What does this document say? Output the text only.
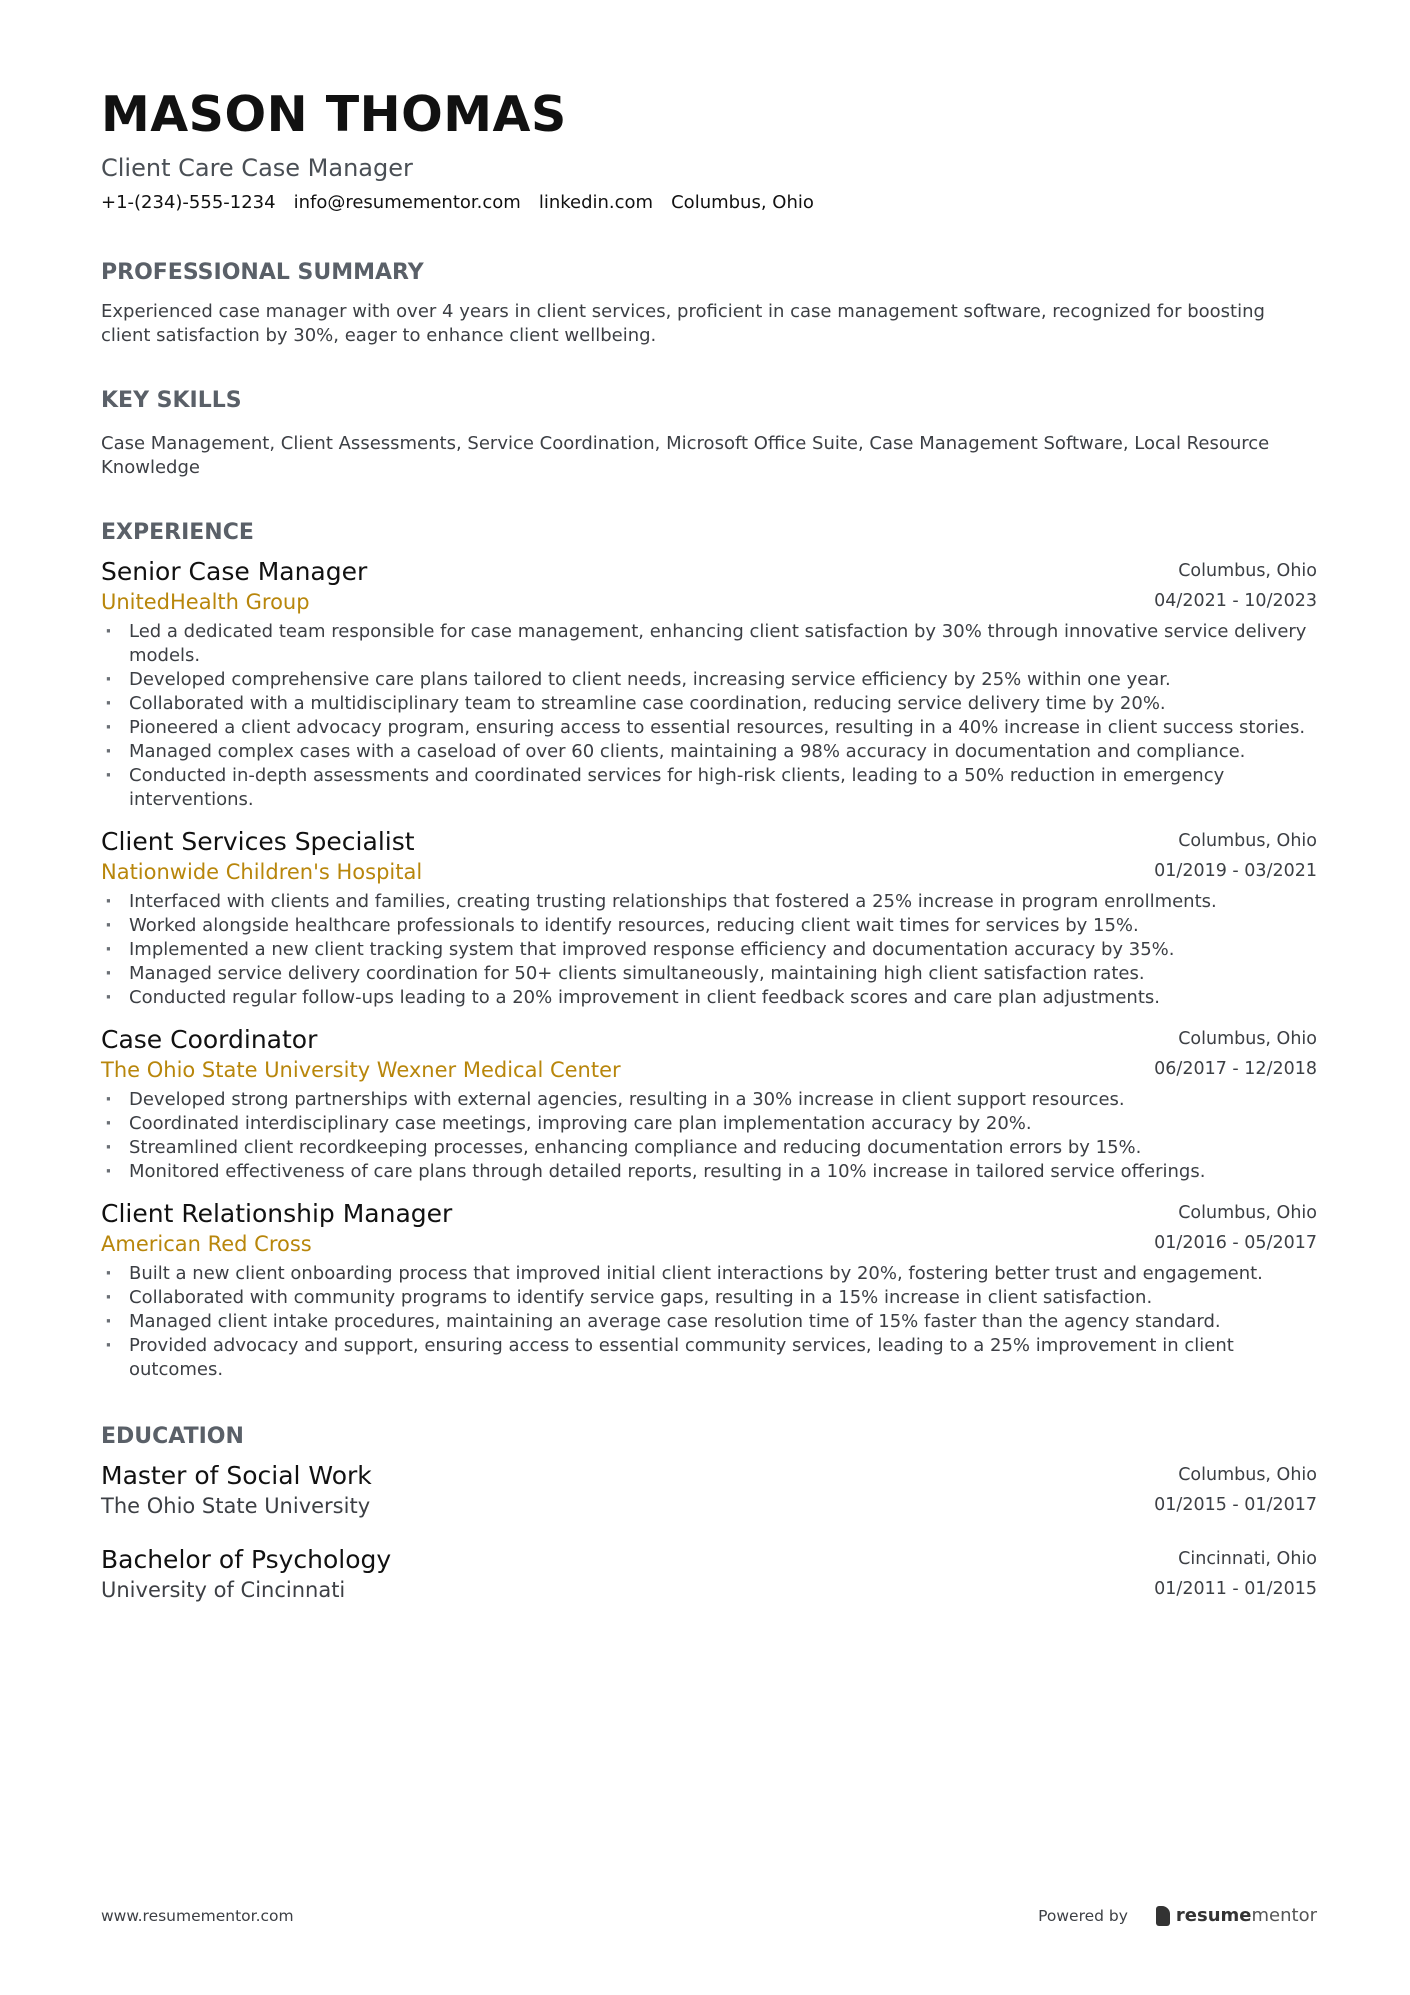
MASON THOMAS
Client Care Case Manager
+1-(234)-555-1234 info@resumementor.com linkedin.com Columbus, Ohio
PROFESSIONAL SUMMARY
Experienced case manager with over 4 years in client services, proficient in case management software, recognized for boosting client satisfaction by 30%, eager to enhance client wellbeing.
KEY SKILLS
Case Management, Client Assessments, Service Coordination, Microsoft Office Suite, Case Management Software, Local Resource Knowledge
EXPERIENCE
Senior Case Manager
UnitedHealth Group
Columbus, Ohio
04/2021 - 10/2023
· Led a dedicated team responsible for case management, enhancing client satisfaction by 30% through innovative service delivery models.
· Developed comprehensive care plans tailored to client needs, increasing service efficiency by 25% within one year.
· Collaborated with a multidisciplinary team to streamline case coordination, reducing service delivery time by 20%.
· Pioneered a client advocacy program, ensuring access to essential resources, resulting in a 40% increase in client success stories.
· Managed complex cases with a caseload of over 60 clients, maintaining a 98% accuracy in documentation and compliance.
· Conducted in-depth assessments and coordinated services for high-risk clients, leading to a 50% reduction in emergency interventions.
Client Services Specialist
Nationwide Children's Hospital
Columbus, Ohio
01/2019 - 03/2021
· Interfaced with clients and families, creating trusting relationships that fostered a 25% increase in program enrollments.
· Worked alongside healthcare professionals to identify resources, reducing client wait times for services by 15%.
· Implemented a new client tracking system that improved response efficiency and documentation accuracy by 35%.
· Managed service delivery coordination for 50+ clients simultaneously, maintaining high client satisfaction rates.
· Conducted regular follow-ups leading to a 20% improvement in client feedback scores and care plan adjustments.
Case Coordinator
The Ohio State University Wexner Medical Center
Columbus, Ohio
06/2017 - 12/2018
· Developed strong partnerships with external agencies, resulting in a 30% increase in client support resources.
· Coordinated interdisciplinary case meetings, improving care plan implementation accuracy by 20%.
· Streamlined client recordkeeping processes, enhancing compliance and reducing documentation errors by 15%.
· Monitored effectiveness of care plans through detailed reports, resulting in a 10% increase in tailored service offerings.
Client Relationship Manager
American Red Cross
Columbus, Ohio
01/2016 - 05/2017
· Built a new client onboarding process that improved initial client interactions by 20%, fostering better trust and engagement.
· Collaborated with community programs to identify service gaps, resulting in a 15% increase in client satisfaction.
· Managed client intake procedures, maintaining an average case resolution time of 15% faster than the agency standard.
· Provided advocacy and support, ensuring access to essential community services, leading to a 25% improvement in client outcomes.
EDUCATION
Master of Social Work
The Ohio State University
Columbus, Ohio
01/2015 - 01/2017
Bachelor of Psychology
University of Cincinnati
Cincinnati, Ohio
01/2011 - 01/2015
www.resumementor.com	Powered by	resumementor
